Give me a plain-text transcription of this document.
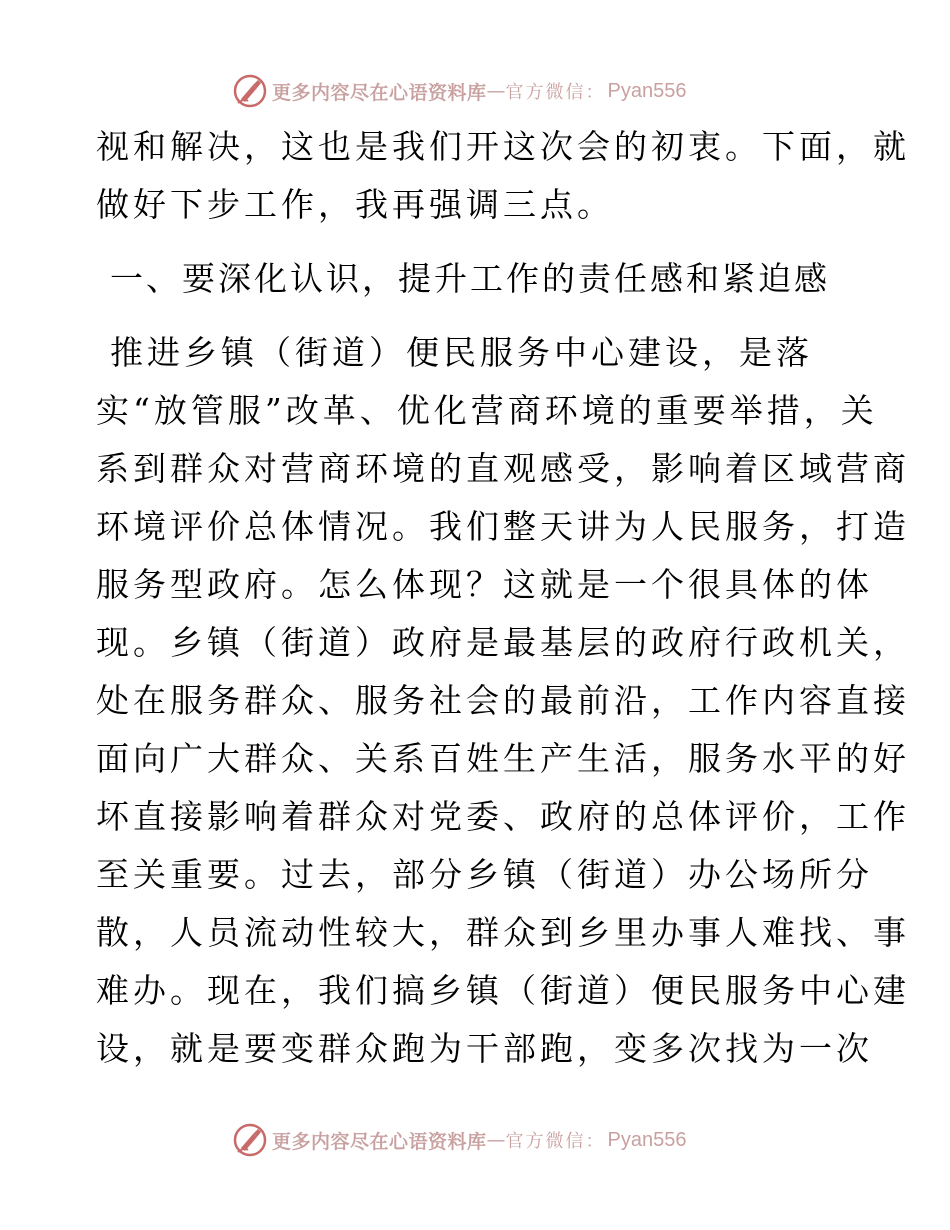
更多内容尽在心语资料库 — 官方微信： Pyan556
视和解决，这也是我们开这次会的初衷。下面，就
做好下步工作，我再强调三点。
一、要深化认识，提升工作的责任感和紧迫感
推进乡镇（街道）便民服务中心建设，是落
实“放管服”改革、优化营商环境的重要举措，关
系到群众对营商环境的直观感受，影响着区域营商
环境评价总体情况。我们整天讲为人民服务，打造
服务型政府。怎么体现？这就是一个很具体的体
现。乡镇（街道）政府是最基层的政府行政机关，
处在服务群众、服务社会的最前沿，工作内容直接
面向广大群众、关系百姓生产生活，服务水平的好
坏直接影响着群众对党委、政府的总体评价，工作
至关重要。过去，部分乡镇（街道）办公场所分
散，人员流动性较大，群众到乡里办事人难找、事
难办。现在，我们搞乡镇（街道）便民服务中心建
设，就是要变群众跑为干部跑，变多次找为一次
更多内容尽在心语资料库 — 官方微信： Pyan556
